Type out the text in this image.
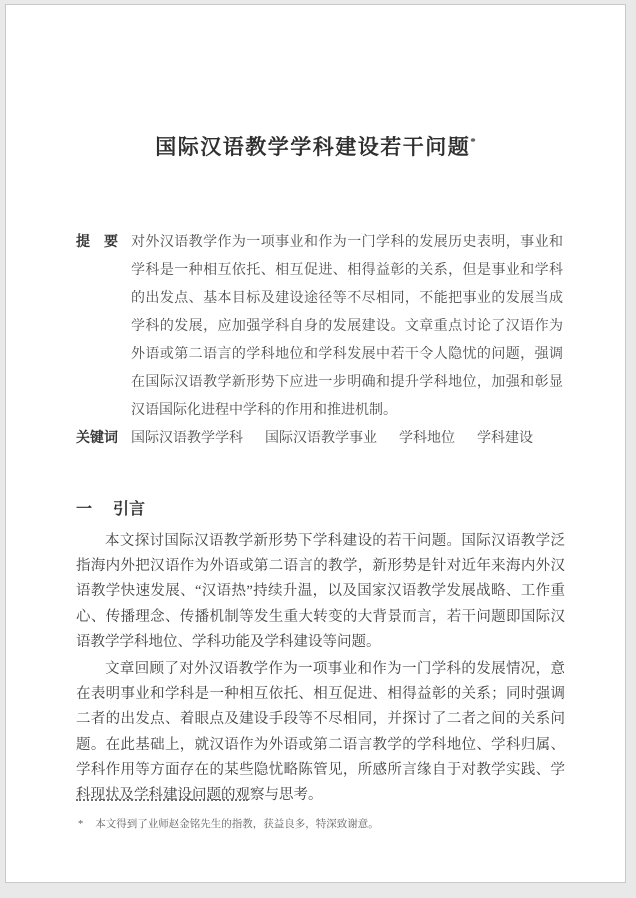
国际汉语教学学科建设若干问题*
提　要 对外汉语教学作为一项事业和作为一门学科的发展历史表明，事业和学科是一种相互依托、相互促进、相得益彰的关系，但是事业和学科的出发点、基本目标及建设途径等不尽相同，不能把事业的发展当成学科的发展，应加强学科自身的发展建设。文章重点讨论了汉语作为外语或第二语言的学科地位和学科发展中若干令人隐忧的问题，强调在国际汉语教学新形势下应进一步明确和提升学科地位，加强和彰显汉语国际化进程中学科的作用和推进机制。
关键词 国际汉语教学学科 国际汉语教学事业 学科地位 学科建设
一 引言

本文探讨国际汉语教学新形势下学科建设的若干问题。国际汉语教学泛指海内外把汉语作为外语或第二语言的教学，新形势是针对近年来海内外汉语教学快速发展、“汉语热”持续升温，以及国家汉语教学发展战略、工作重心、传播理念、传播机制等发生重大转变的大背景而言，若干问题即国际汉语教学学科地位、学科功能及学科建设等问题。

文章回顾了对外汉语教学作为一项事业和作为一门学科的发展情况，意在表明事业和学科是一种相互依托、相互促进、相得益彰的关系；同时强调二者的出发点、着眼点及建设手段等不尽相同，并探讨了二者之间的关系问题。在此基础上，就汉语作为外语或第二语言教学的学科地位、学科归属、学科作用等方面存在的某些隐忧略陈管见，所感所言缘自于对教学实践、学科现状及学科建设问题的观察与思考。

* 本文得到了业师赵金铭先生的指教，获益良多，特深致谢意。
